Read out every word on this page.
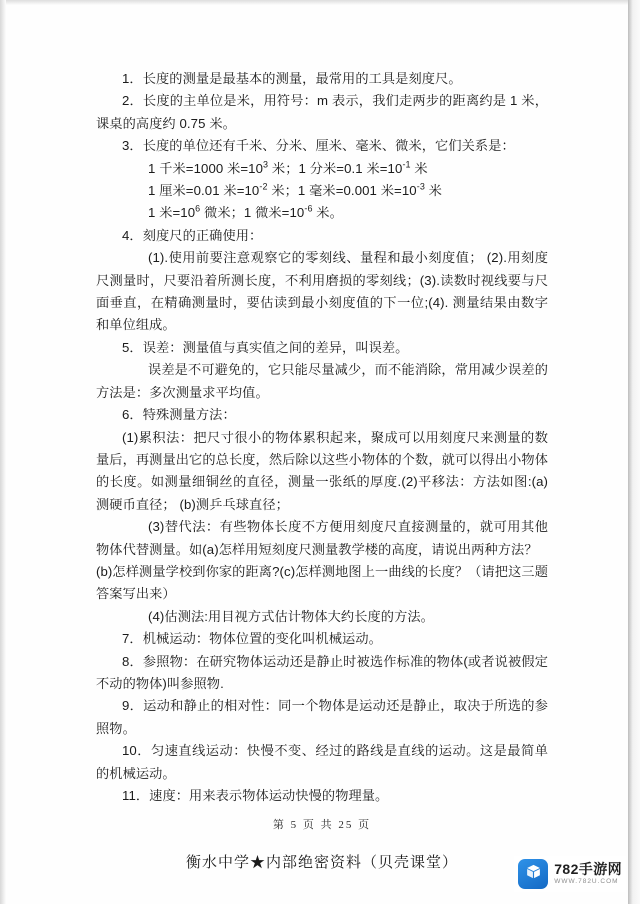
1．长度的测量是最基本的测量，最常用的工具是刻度尺。

2．长度的主单位是米，用符号：m 表示，我们走两步的距离约是 1 米，课桌的高度约 0.75 米。

3．长度的单位还有千米、分米、厘米、毫米、微米，它们关系是：

1 千米=1000 米$=10^3$ 米；1 分米=0.1 米$=10^{-1}$ 米

1 厘米=0.01 米$=10^{-2}$ 米；1 毫米=0.001 米$=10^{-3}$ 米

1 米$=10^6$ 微米；1 微米$=10^{-6}$ 米。

4．刻度尺的正确使用：

(1).使用前要注意观察它的零刻线、量程和最小刻度值； (2).用刻度尺测量时，尺要沿着所测长度，不利用磨损的零刻线；(3).读数时视线要与尺面垂直，在精确测量时，要估读到最小刻度值的下一位;(4). 测量结果由数字和单位组成。

5．误差：测量值与真实值之间的差异，叫误差。

误差是不可避免的，它只能尽量减少，而不能消除，常用减少误差的方法是：多次测量求平均值。

6．特殊测量方法：

(1)累积法：把尺寸很小的物体累积起来，聚成可以用刻度尺来测量的数量后，再测量出它的总长度，然后除以这些小物体的个数，就可以得出小物体的长度。如测量细铜丝的直径，测量一张纸的厚度.(2)平移法：方法如图:(a)测硬币直径； (b)测乒乓球直径；

(3)替代法：有些物体长度不方便用刻度尺直接测量的，就可用其他物体代替测量。如(a)怎样用短刻度尺测量教学楼的高度，请说出两种方法？

(b)怎样测量学校到你家的距离?(c)怎样测地图上一曲线的长度？（请把这三题答案写出来）

(4)估测法:用目视方式估计物体大约长度的方法。

7．机械运动：物体位置的变化叫机械运动。

8．参照物：在研究物体运动还是静止时被选作标准的物体(或者说被假定不动的物体)叫参照物.

9．运动和静止的相对性：同一个物体是运动还是静止，取决于所选的参照物。

10．匀速直线运动：快慢不变、经过的路线是直线的运动。这是最简单的机械运动。

11．速度：用来表示物体运动快慢的物理量。

第 5 页 共 25 页
衡水中学★内部绝密资料（贝壳课堂）	782手游网
WWW.782U.COM
